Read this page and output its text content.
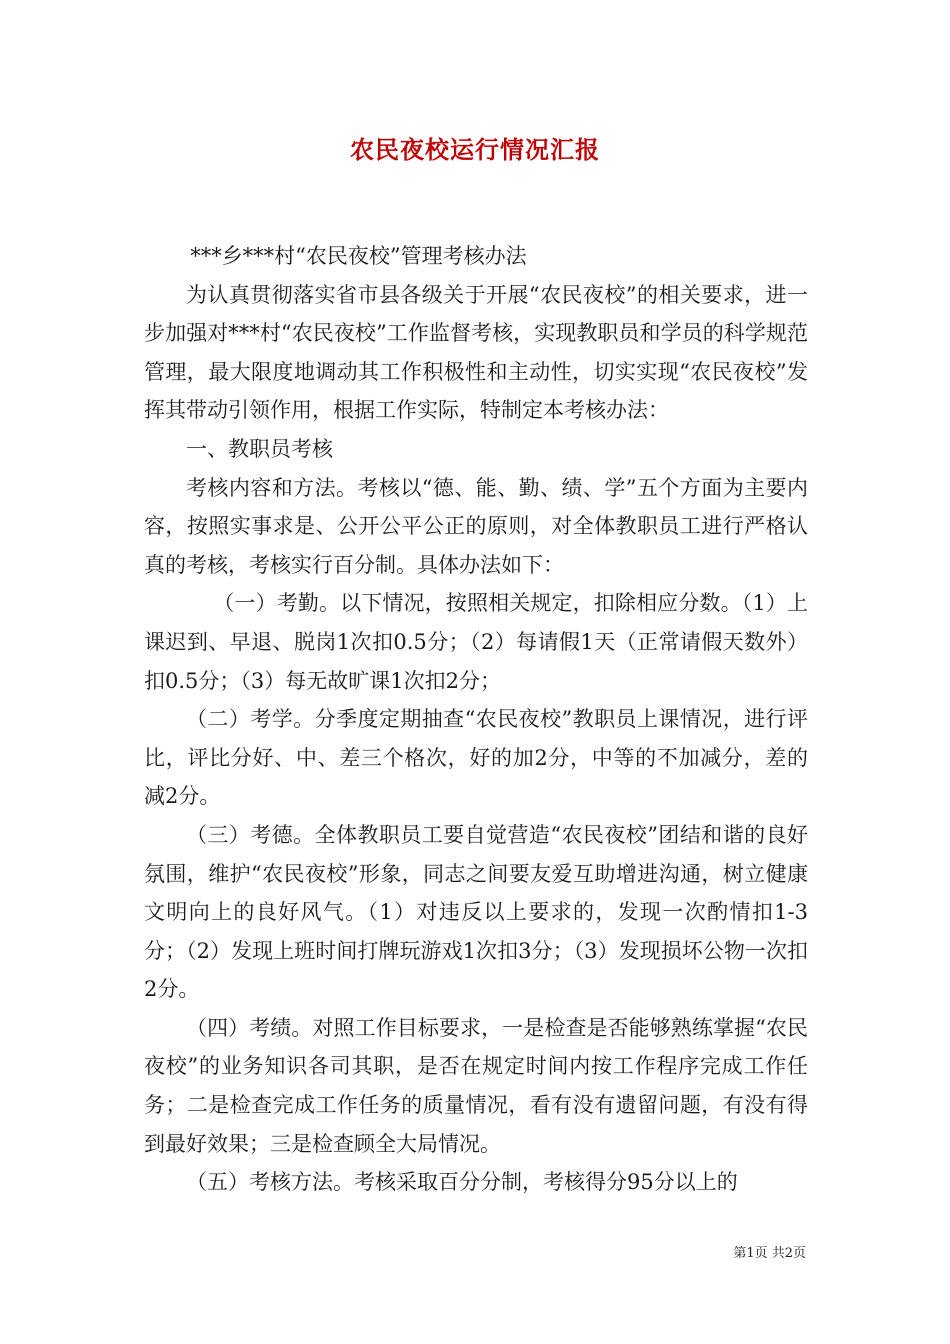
农民夜校运行情况汇报

***乡***村“农民夜校”管理考核办法

为认真贯彻落实省市县各级关于开展“农民夜校”的相关要求，进一步加强对***村“农民夜校”工作监督考核，实现教职员和学员的科学规范管理，最大限度地调动其工作积极性和主动性，切实实现“农民夜校”发挥其带动引领作用，根据工作实际，特制定本考核办法：

一、教职员考核

考核内容和方法。考核以“德、能、勤、绩、学”五个方面为主要内容，按照实事求是、公开公平公正的原则，对全体教职员工进行严格认真的考核，考核实行百分制。具体办法如下：

（一）考勤。以下情况，按照相关规定，扣除相应分数。（1）上课迟到、早退、脱岗1次扣0.5分；（2）每请假1天（正常请假天数外）扣0.5分；（3）每无故旷课1次扣2分；

（二）考学。分季度定期抽查“农民夜校”教职员上课情况，进行评比，评比分好、中、差三个格次，好的加2分，中等的不加减分，差的减2分。

（三）考德。全体教职员工要自觉营造“农民夜校”团结和谐的良好氛围，维护“农民夜校”形象，同志之间要友爱互助增进沟通，树立健康文明向上的良好风气。（1）对违反以上要求的，发现一次酌情扣1-3分；（2）发现上班时间打牌玩游戏1次扣3分；（3）发现损坏公物一次扣2分。

（四）考绩。对照工作目标要求，一是检查是否能够熟练掌握“农民夜校”的业务知识各司其职，是否在规定时间内按工作程序完成工作任务；二是检查完成工作任务的质量情况，看有没有遗留问题，有没有得到最好效果；三是检查顾全大局情况。

（五）考核方法。考核采取百分分制，考核得分95分以上的

第1页 共2页
